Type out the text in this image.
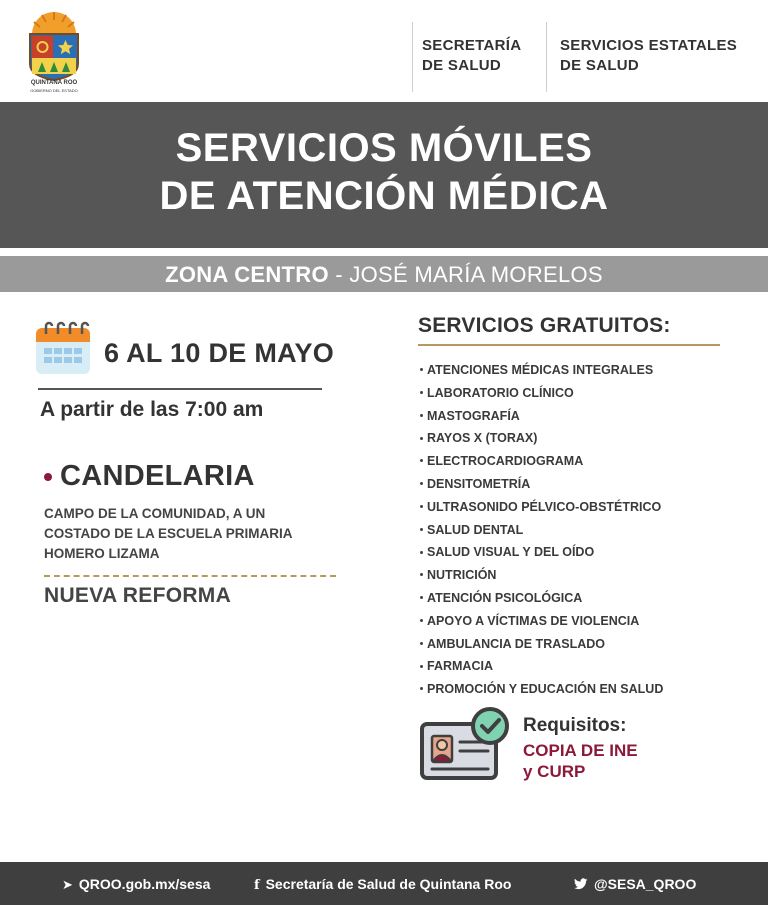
QUINTANA ROO
GOBIERNO DEL ESTADO
SECRETARÍA
DE SALUD
SERVICIOS ESTATALES
DE SALUD
SERVICIOS MÓVILES
DE ATENCIÓN MÉDICA
ZONA CENTRO - JOSÉ MARÍA MORELOS
6 AL 10 DE MAYO
A partir de las 7:00 am
CANDELARIA
CAMPO DE LA COMUNIDAD, A UN
COSTADO DE LA ESCUELA PRIMARIA
HOMERO LIZAMA
NUEVA REFORMA
SERVICIOS GRATUITOS:
ATENCIONES MÉDICAS INTEGRALES
LABORATORIO CLÍNICO
MASTOGRAFÍA
RAYOS X (TORAX)
ELECTROCARDIOGRAMA
DENSITOMETRÍA
ULTRASONIDO PÉLVICO-OBSTÉTRICO
SALUD DENTAL
SALUD VISUAL Y DEL OÍDO
NUTRICIÓN
ATENCIÓN PSICOLÓGICA
APOYO A VÍCTIMAS DE VIOLENCIA
AMBULANCIA DE TRASLADO
FARMACIA
PROMOCIÓN Y EDUCACIÓN EN SALUD
Requisitos:
COPIA DE INE
y CURP
➤ QROO.gob.mx/sesa	f Secretaría de Salud de Quintana Roo	@SESA_QROO
